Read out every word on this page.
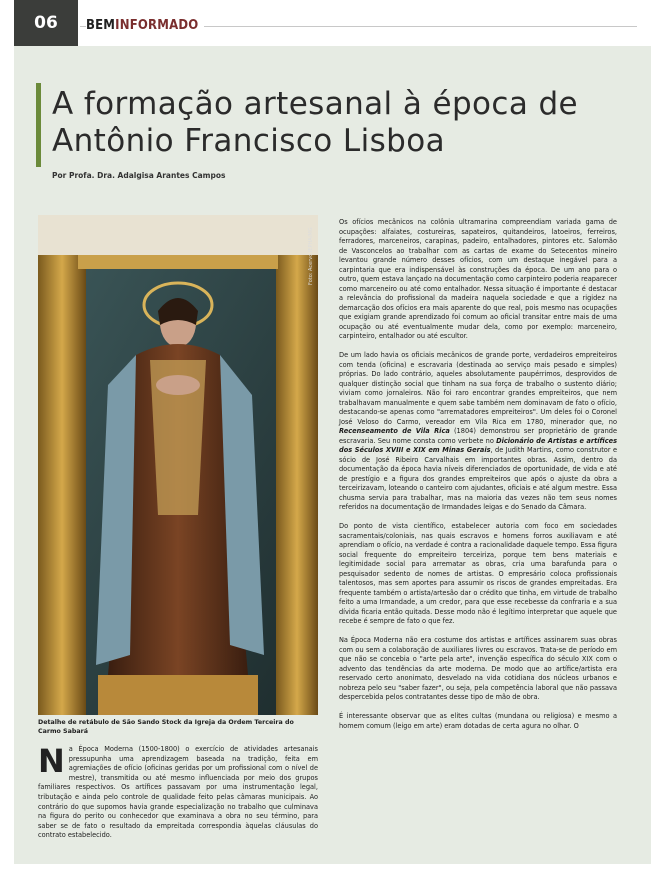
06	BEMINFORMADO
A formação artesanal à época de
Antônio Francisco Lisboa
Por Profa. Dra. Adalgisa Arantes Campos
Foto: Acervo IEPHA/MG
Detalhe de retábulo de São Sando Stock da Igreja da Ordem Terceira do Carmo Sabará
Na Época Moderna (1500-1800) o exercício de atividades artesanais pressupunha uma aprendizagem baseada na tradição, feita em agremiações de ofício (oficinas geridas por um profissional com o nível de mestre), transmitida ou até mesmo influenciada por meio dos grupos familiares respectivos. Os artífices passavam por uma instrumentação legal, tributação e ainda pelo controle de qualidade feito pelas câmaras municipais. Ao contrário do que supomos havia grande especialização no trabalho que culminava na figura do perito ou conhecedor que examinava a obra no seu término, para saber se de fato o resultado da empreitada correspondia àquelas cláusulas do contrato estabelecido.

Os ofícios mecânicos na colônia ultramarina compreendiam variada gama de ocupações: alfaiates, costureiras, sapateiros, quitandeiros, latoeiros, ferreiros, ferradores, marceneiros, carapinas, padeiro, entalhadores, pintores etc. Salomão de Vasconcelos ao trabalhar com as cartas de exame do Setecentos mineiro levantou grande número desses ofícios, com um destaque inegável para a carpintaria que era indispensável às construções da época. De um ano para o outro, quem estava lançado na documentação como carpinteiro poderia reaparecer como marceneiro ou até como entalhador. Nessa situação é importante é destacar a relevância do profissional da madeira naquela sociedade e que a rigidez na demarcação dos ofícios era mais aparente do que real, pois mesmo nas ocupações que exigiam grande aprendizado foi comum ao oficial transitar entre mais de uma ocupação ou até eventualmente mudar dela, como por exemplo: marceneiro, carpinteiro, entalhador ou até escultor.

De um lado havia os oficiais mecânicos de grande porte, verdadeiros empreiteiros com tenda (oficina) e escravaria (destinada ao serviço mais pesado e simples) próprias. Do lado contrário, aqueles absolutamente paupérrimos, desprovidos de qualquer distinção social que tinham na sua força de trabalho o sustento diário; viviam como jornaleiros. Não foi raro encontrar grandes empreiteiros, que nem trabalhavam manualmente e quem sabe também nem dominavam de fato o ofício, destacando-se apenas como "arrematadores empreiteiros". Um deles foi o Coronel José Veloso do Carmo, vereador em Vila Rica em 1780, minerador que, no Recenseamento de Vila Rica (1804) demonstrou ser proprietário de grande escravaria. Seu nome consta como verbete no Dicionário de Artistas e artífices dos Séculos XVIII e XIX em Minas Gerais, de Judith Martins, como construtor e sócio de José Ribeiro Carvalhais em importantes obras. Assim, dentro da documentação da época havia níveis diferenciados de oportunidade, de vida e até de prestígio e a figura dos grandes empreiteiros que após o ajuste da obra a terceirizavam, loteando o canteiro com ajudantes, oficiais e até algum mestre. Essa chusma servia para trabalhar, mas na maioria das vezes não tem seus nomes referidos na documentação de Irmandades leigas e do Senado da Câmara.

Do ponto de vista científico, estabelecer autoria com foco em sociedades sacramentais/coloniais, nas quais escravos e homens forros auxiliavam e até aprendiam o ofício, na verdade é contra a racionalidade daquele tempo. Essa figura social frequente do empreiteiro terceiriza, porque tem bens materiais e legitimidade social para arrematar as obras, cria uma barafunda para o pesquisador sedento de nomes de artistas. O empresário coloca profissionais talentosos, mas sem aportes para assumir os riscos de grandes empreitadas. Era frequente também o artista/artesão dar o crédito que tinha, em virtude de trabalho feito a uma Irmandade, a um credor, para que esse recebesse da confraria e a sua dívida ficaria então quitada. Desse modo não é legítimo interpretar que aquele que recebe é sempre de fato o que fez.

Na Época Moderna não era costume dos artistas e artífices assinarem suas obras com ou sem a colaboração de auxiliares livres ou escravos. Trata-se de período em que não se concebia o "arte pela arte", invenção específica do século XIX com o advento das tendências da arte moderna. De modo que ao artífice/artista era reservado certo anonimato, desvelado na vida cotidiana dos núcleos urbanos e nobreza pelo seu "saber fazer", ou seja, pela competência laboral que não passava despercebida pelos contratantes desse tipo de mão de obra.

É interessante observar que as elites cultas (mundana ou religiosa) e mesmo a homem comum (leigo em arte) eram dotadas de certa agura no olhar. O
